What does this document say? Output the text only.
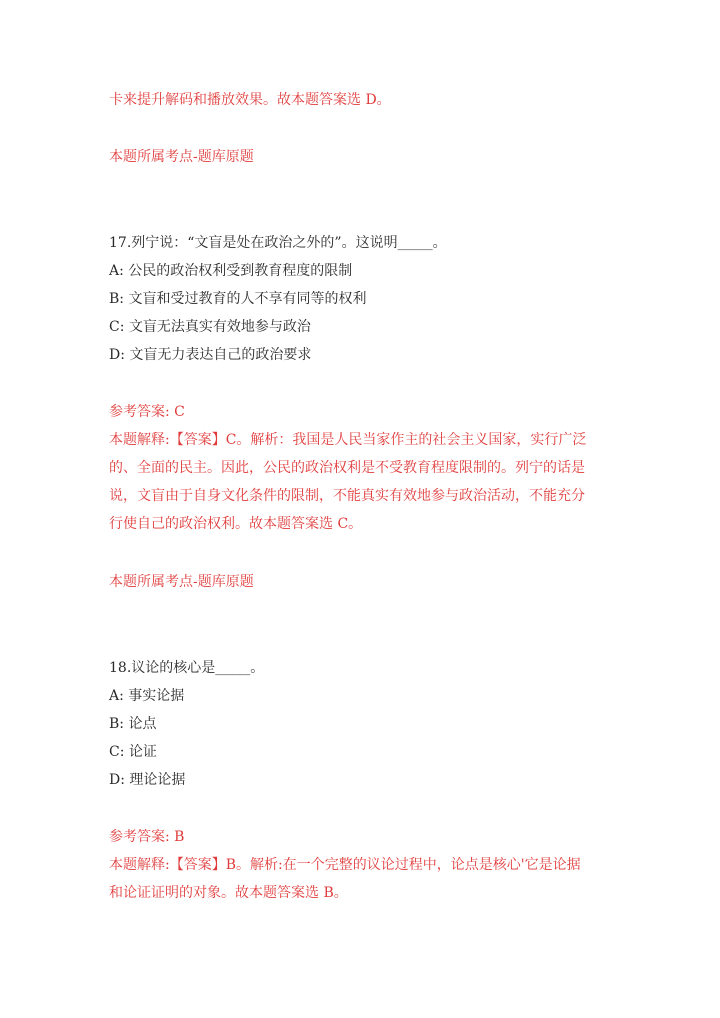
卡来提升解码和播放效果。故本题答案选 D。
本题所属考点-题库原题
17.列宁说：“文盲是处在政治之外的”。这说明_____。
A: 公民的政治权利受到教育程度的限制
B: 文盲和受过教育的人不享有同等的权利
C: 文盲无法真实有效地参与政治
D: 文盲无力表达自己的政治要求
参考答案: C
本题解释:【答案】C。解析：我国是人民当家作主的社会主义国家，实行广泛
的、全面的民主。因此，公民的政治权利是不受教育程度限制的。列宁的话是
说，文盲由于自身文化条件的限制，不能真实有效地参与政治活动，不能充分
行使自己的政治权利。故本题答案选 C。
本题所属考点-题库原题
18.议论的核心是_____。
A: 事实论据
B: 论点
C: 论证
D: 理论论据
参考答案: B
本题解释:【答案】B。解析:在一个完整的议论过程中，论点是核心'它是论据
和论证证明的对象。故本题答案选 B。
